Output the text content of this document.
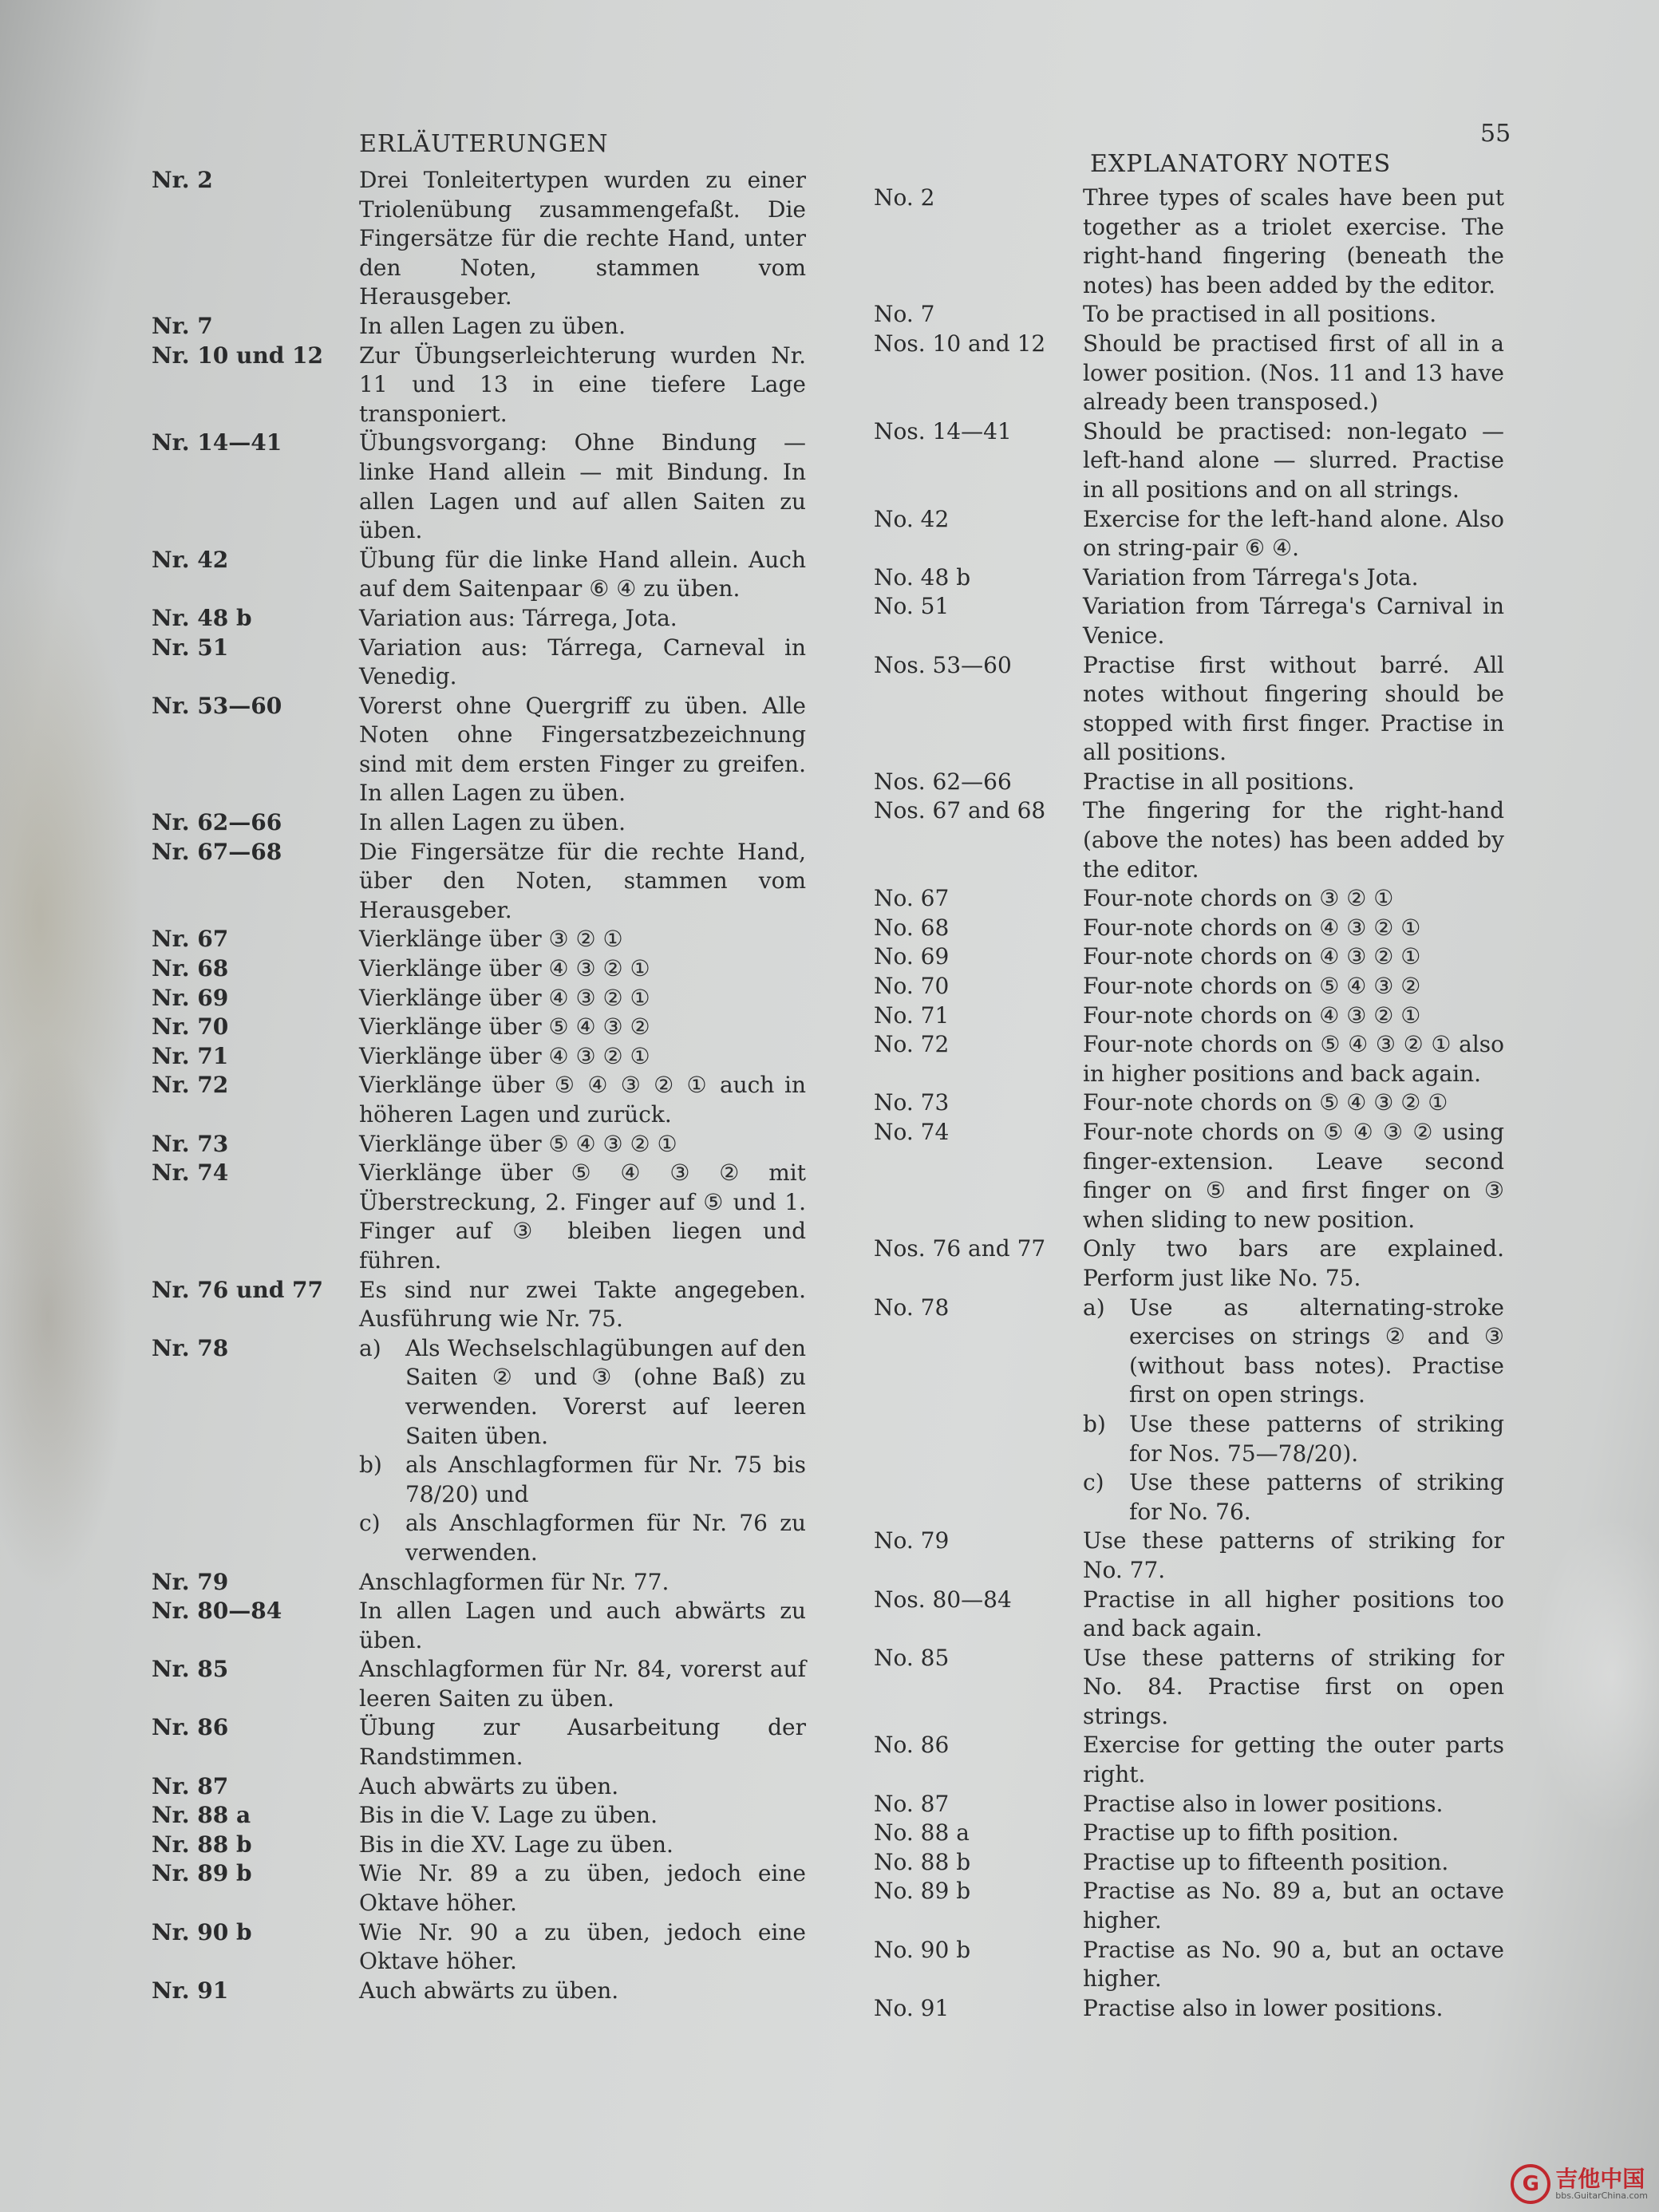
55
ERLÄUTERUNGEN
EXPLANATORY NOTES
Nr. 2	Drei Tonleitertypen wurden zu einer Triolenübung zusammengefaßt. Die Fingersätze für die rechte Hand, unter den Noten, stammen vom Herausgeber.
Nr. 7	In allen Lagen zu üben.
Nr. 10 und 12	Zur Übungserleichterung wurden Nr. 11 und 13 in eine tiefere Lage transponiert.
Nr. 14—41	Übungsvorgang: Ohne Bindung — linke Hand allein — mit Bindung. In allen Lagen und auf allen Saiten zu üben.
Nr. 42	Übung für die linke Hand allein. Auch auf dem Saitenpaar ⑥ ④ zu üben.
Nr. 48 b	Variation aus: Tárrega, Jota.
Nr. 51	Variation aus: Tárrega, Carneval in Venedig.
Nr. 53—60	Vorerst ohne Quergriff zu üben. Alle Noten ohne Fingersatzbezeichnung sind mit dem ersten Finger zu greifen. In allen Lagen zu üben.
Nr. 62—66	In allen Lagen zu üben.
Nr. 67—68	Die Fingersätze für die rechte Hand, über den Noten, stammen vom Herausgeber.
Nr. 67	Vierklänge über ③ ② ①
Nr. 68	Vierklänge über ④ ③ ② ①
Nr. 69	Vierklänge über ④ ③ ② ①
Nr. 70	Vierklänge über ⑤ ④ ③ ②
Nr. 71	Vierklänge über ④ ③ ② ①
Nr. 72	Vierklänge über ⑤ ④ ③ ② ① auch in höheren Lagen und zurück.
Nr. 73	Vierklänge über ⑤ ④ ③ ② ①
Nr. 74	Vierklänge über ⑤ ④ ③ ② mit Überstreckung, 2. Finger auf ⑤ und 1. Finger auf ③ bleiben liegen und führen.
Nr. 76 und 77	Es sind nur zwei Takte angegeben. Ausführung wie Nr. 75.
Nr. 78	a)	Als Wechselschlagübungen auf den Saiten ② und ③ (ohne Baß) zu verwenden. Vorerst auf leeren Saiten üben.
b)	als Anschlagformen für Nr. 75 bis 78/20) und
c)	als Anschlagformen für Nr. 76 zu verwenden.
Nr. 79	Anschlagformen für Nr. 77.
Nr. 80—84	In allen Lagen und auch abwärts zu üben.
Nr. 85	Anschlagformen für Nr. 84, vorerst auf leeren Saiten zu üben.
Nr. 86	Übung zur Ausarbeitung der Randstimmen.
Nr. 87	Auch abwärts zu üben.
Nr. 88 a	Bis in die V. Lage zu üben.
Nr. 88 b	Bis in die XV. Lage zu üben.
Nr. 89 b	Wie Nr. 89 a zu üben, jedoch eine Oktave höher.
Nr. 90 b	Wie Nr. 90 a zu üben, jedoch eine Oktave höher.
Nr. 91	Auch abwärts zu üben.
No. 2	Three types of scales have been put together as a triolet exercise. The right-hand fingering (beneath the notes) has been added by the editor.
No. 7	To be practised in all positions.
Nos. 10 and 12	Should be practised first of all in a lower position. (Nos. 11 and 13 have already been transposed.)
Nos. 14—41	Should be practised: non-legato — left-hand alone — slurred. Practise in all positions and on all strings.
No. 42	Exercise for the left-hand alone. Also on string-pair ⑥ ④.
No. 48 b	Variation from Tárrega's Jota.
No. 51	Variation from Tárrega's Carnival in Venice.
Nos. 53—60	Practise first without barré. All notes without fingering should be stopped with first finger. Practise in all positions.
Nos. 62—66	Practise in all positions.
Nos. 67 and 68	The fingering for the right-hand (above the notes) has been added by the editor.
No. 67	Four-note chords on ③ ② ①
No. 68	Four-note chords on ④ ③ ② ①
No. 69	Four-note chords on ④ ③ ② ①
No. 70	Four-note chords on ⑤ ④ ③ ②
No. 71	Four-note chords on ④ ③ ② ①
No. 72	Four-note chords on ⑤ ④ ③ ② ① also in higher positions and back again.
No. 73	Four-note chords on ⑤ ④ ③ ② ①
No. 74	Four-note chords on ⑤ ④ ③ ② using finger-extension. Leave second finger on ⑤ and first finger on ③ when sliding to new position.
Nos. 76 and 77	Only two bars are explained. Perform just like No. 75.
No. 78	a)	Use as alternating-stroke exercises on strings ② and ③ (without bass notes). Practise first on open strings.
b)	Use these patterns of striking for Nos. 75—78/20).
c)	Use these patterns of striking for No. 76.
No. 79	Use these patterns of striking for No. 77.
Nos. 80—84	Practise in all higher positions too and back again.
No. 85	Use these patterns of striking for No. 84. Practise first on open strings.
No. 86	Exercise for getting the outer parts right.
No. 87	Practise also in lower positions.
No. 88 a	Practise up to fifth position.
No. 88 b	Practise up to fifteenth position.
No. 89 b	Practise as No. 89 a, but an octave higher.
No. 90 b	Practise as No. 90 a, but an octave higher.
No. 91	Practise also in lower positions.
G 吉他中国
bbs.GuitarChina.com
